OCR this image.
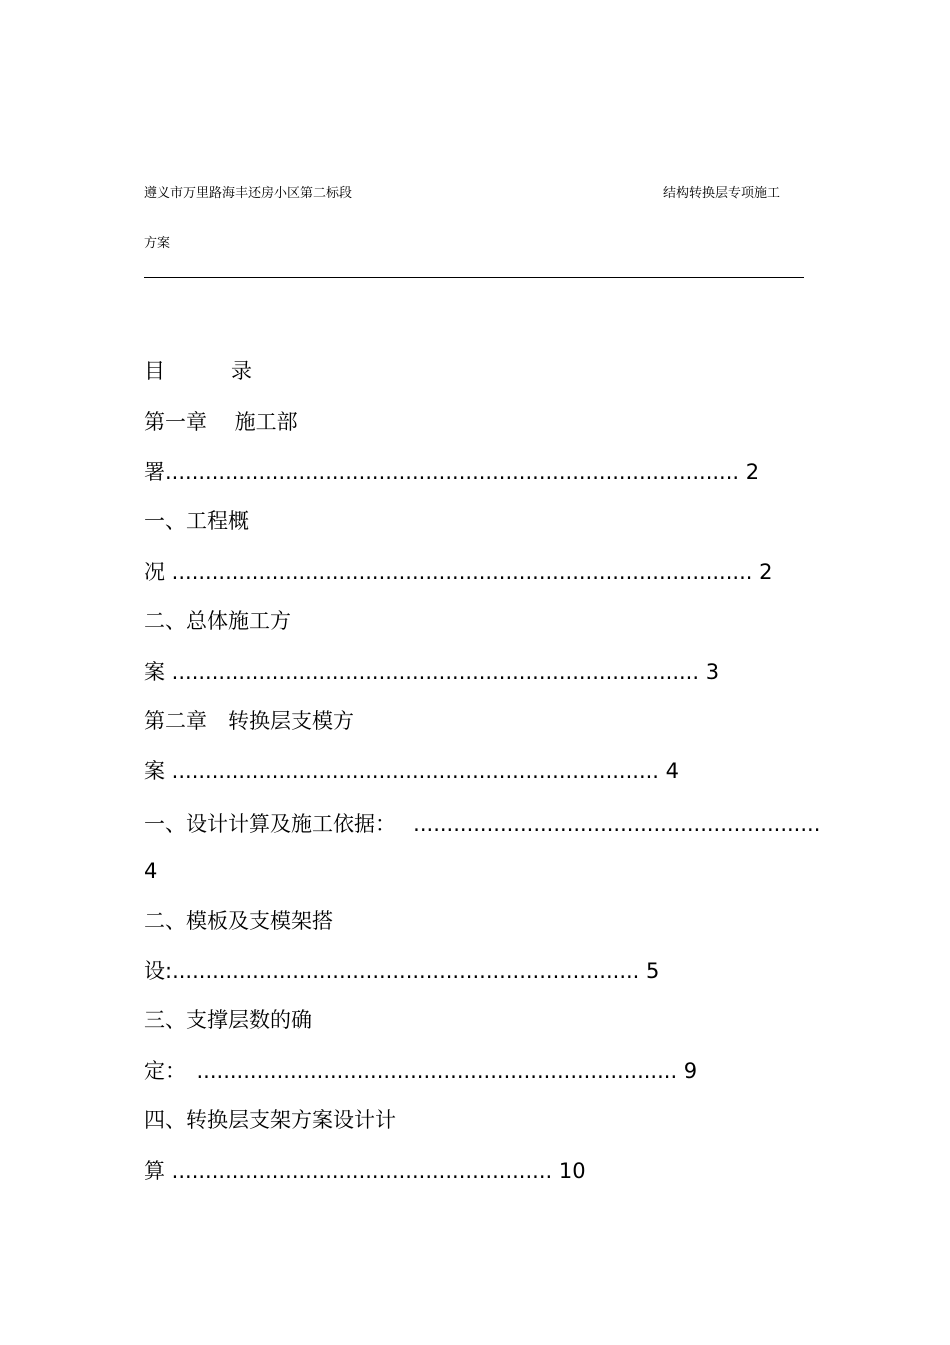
遵义市万里路海丰还房小区第二标段	结构转换层专项施工
方案
目	录
第一章　 施工部
署...................................................................................... 2
一、工程概
况 ....................................................................................... 2
二、总体施工方
案 ............................................................................... 3
第二章　转换层支模方
案 ......................................................................... 4
一、设计计算及施工依据：　 .............................................................
4
二、模板及支模架搭
设:...................................................................... 5
三、支撑层数的确
定：　........................................................................ 9
四、转换层支架方案设计计
算 ......................................................... 10
